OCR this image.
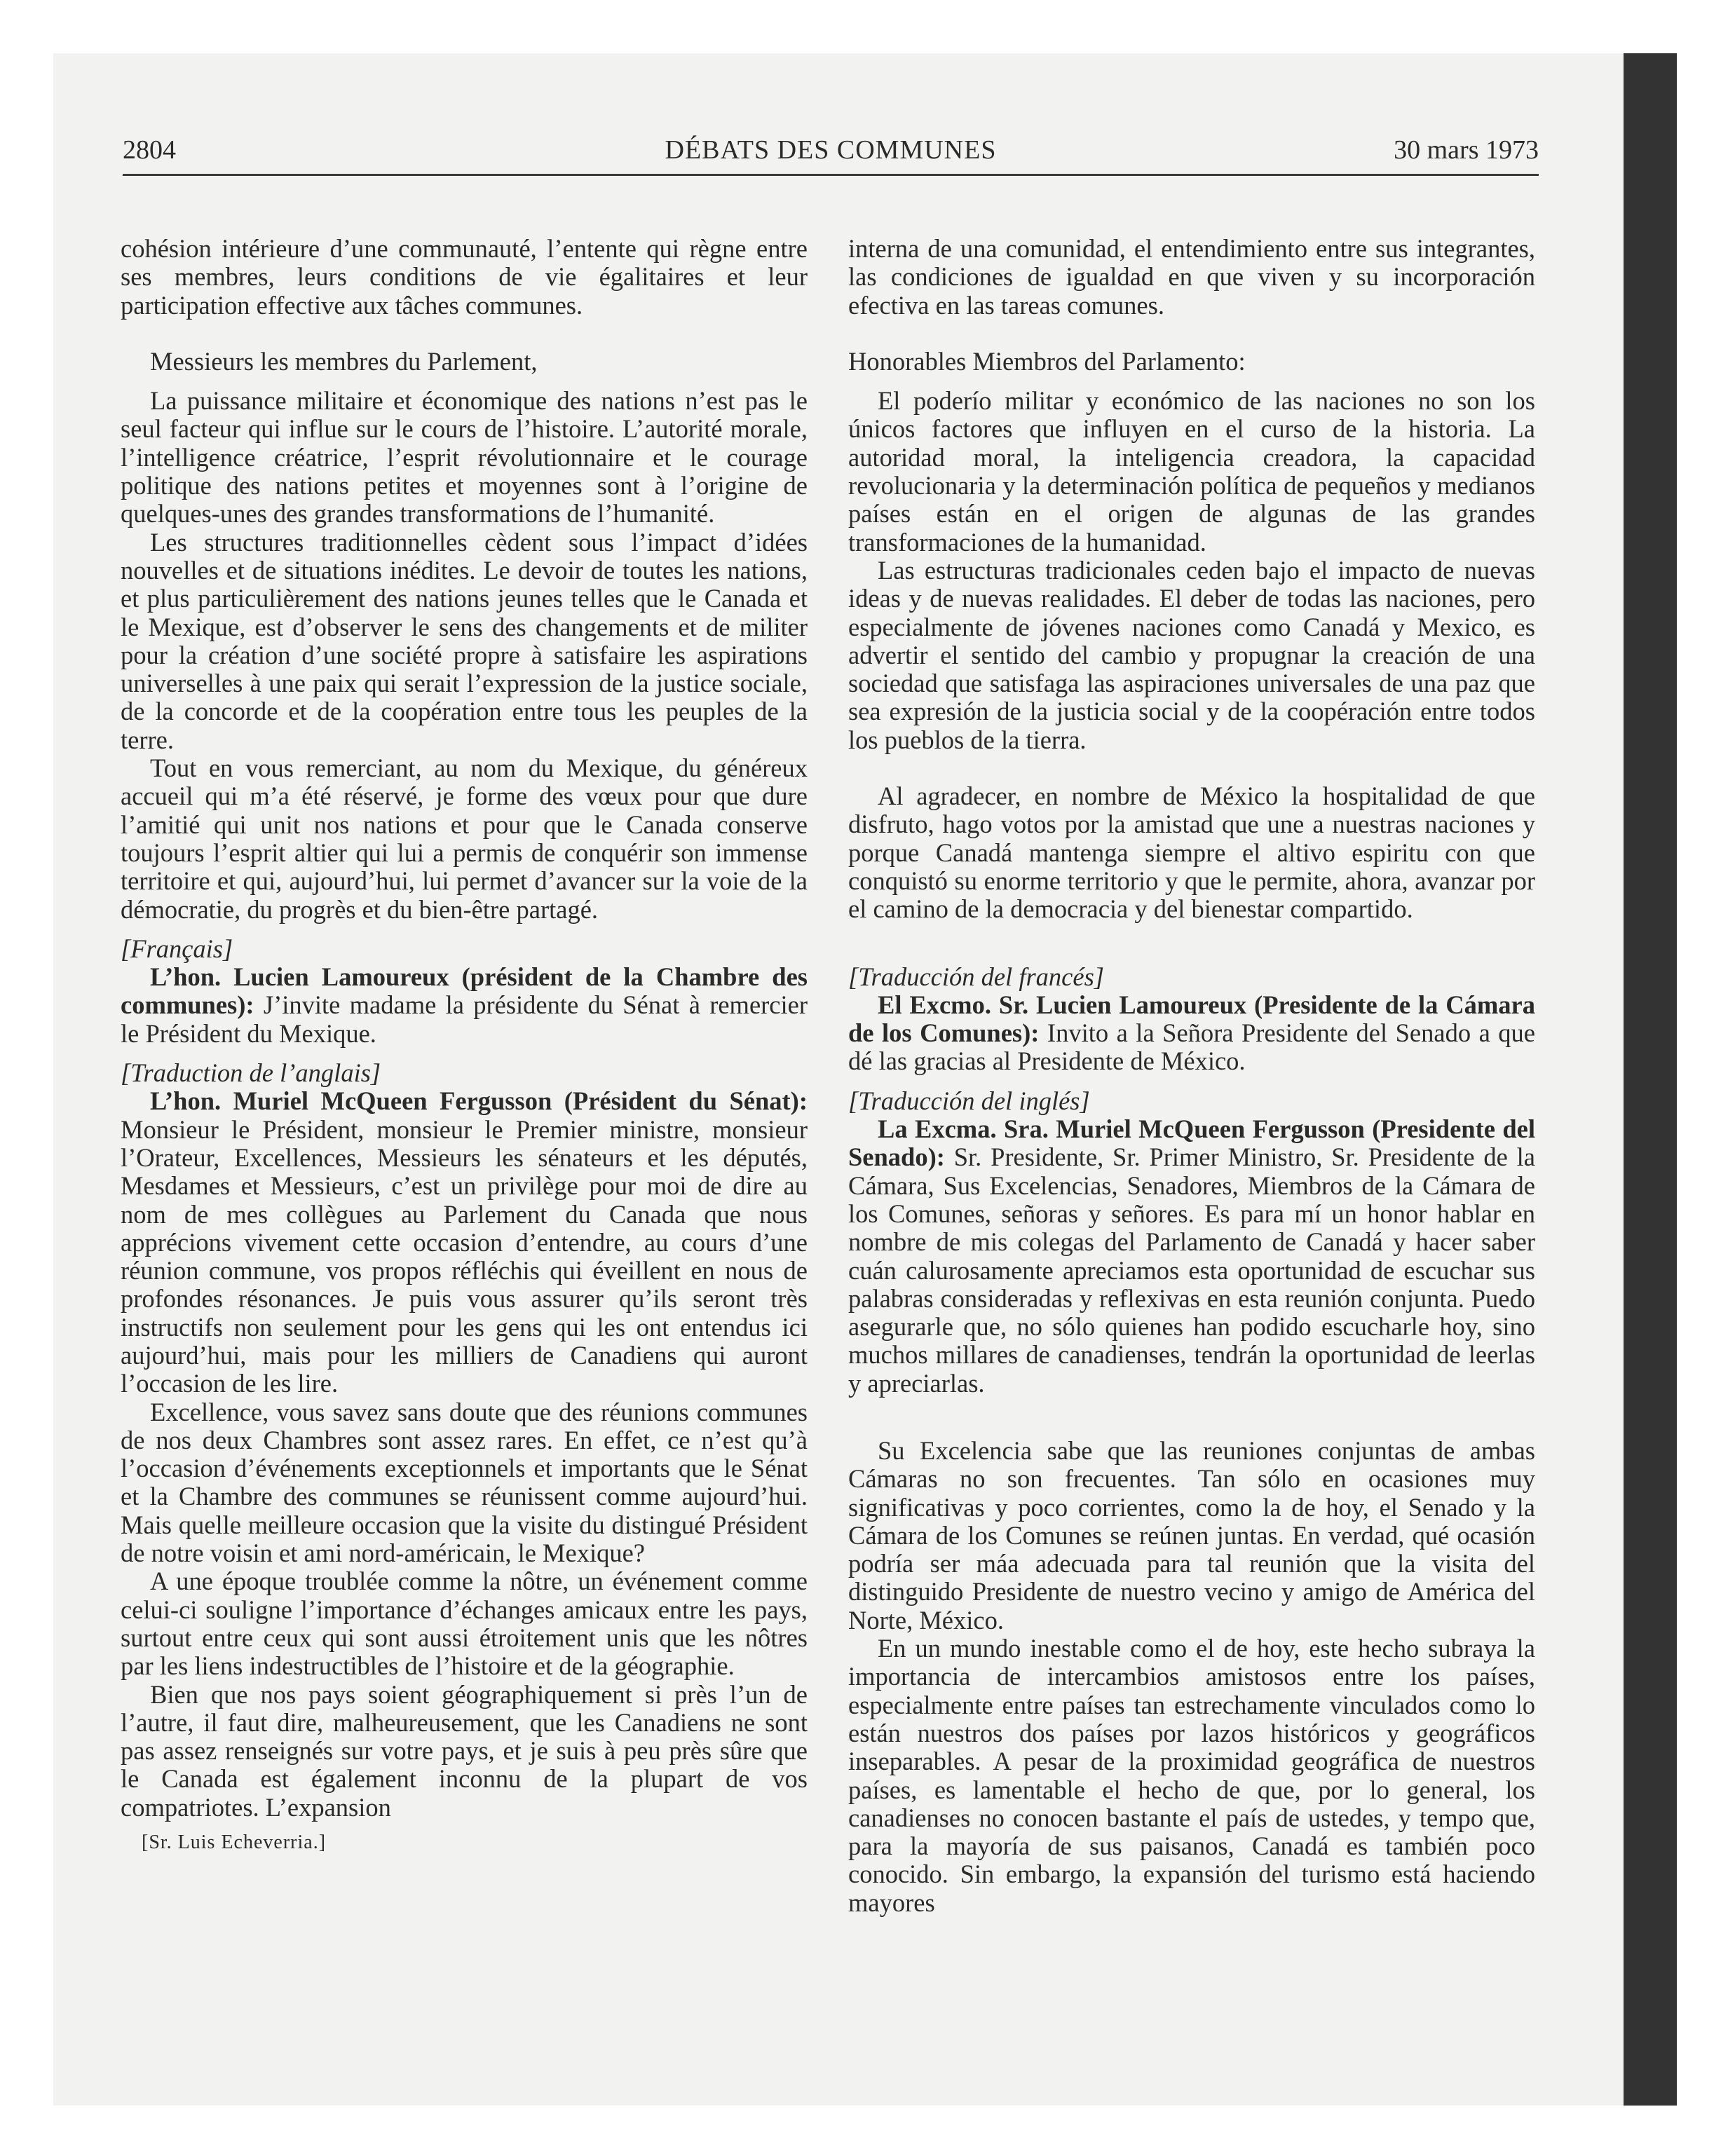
2804	DÉBATS DES COMMUNES	30 mars 1973

cohésion intérieure d’une communauté, l’entente qui règne entre ses membres, leurs conditions de vie égalitaires et leur participation effective aux tâches communes.

Messieurs les membres du Parlement,

La puissance militaire et économique des nations n’est pas le seul facteur qui influe sur le cours de l’histoire. L’autorité morale, l’intelligence créatrice, l’esprit révolutionnaire et le courage politique des nations petites et moyennes sont à l’origine de quelques-unes des grandes transformations de l’humanité.

Les structures traditionnelles cèdent sous l’impact d’idées nouvelles et de situations inédites. Le devoir de toutes les nations, et plus particulièrement des nations jeunes telles que le Canada et le Mexique, est d’observer le sens des changements et de militer pour la création d’une société propre à satisfaire les aspirations universelles à une paix qui serait l’expression de la justice sociale, de la concorde et de la coopération entre tous les peuples de la terre.

Tout en vous remerciant, au nom du Mexique, du généreux accueil qui m’a été réservé, je forme des vœux pour que dure l’amitié qui unit nos nations et pour que le Canada conserve toujours l’esprit altier qui lui a permis de conquérir son immense territoire et qui, aujourd’hui, lui permet d’avancer sur la voie de la démocratie, du progrès et du bien-être partagé.

[Français]

L’hon. Lucien Lamoureux (président de la Chambre des communes): J’invite madame la présidente du Sénat à remercier le Président du Mexique.

[Traduction de l’anglais]

L’hon. Muriel McQueen Fergusson (Président du Sénat): Monsieur le Président, monsieur le Premier ministre, monsieur l’Orateur, Excellences, Messieurs les sénateurs et les députés, Mesdames et Messieurs, c’est un privilège pour moi de dire au nom de mes collègues au Parlement du Canada que nous apprécions vivement cette occasion d’entendre, au cours d’une réunion commune, vos propos réfléchis qui éveillent en nous de profondes résonances. Je puis vous assurer qu’ils seront très instructifs non seulement pour les gens qui les ont entendus ici aujourd’hui, mais pour les milliers de Canadiens qui auront l’occasion de les lire.

Excellence, vous savez sans doute que des réunions communes de nos deux Chambres sont assez rares. En effet, ce n’est qu’à l’occasion d’événements exceptionnels et importants que le Sénat et la Chambre des communes se réunissent comme aujourd’hui. Mais quelle meilleure occasion que la visite du distingué Président de notre voisin et ami nord-américain, le Mexique?

A une époque troublée comme la nôtre, un événement comme celui-ci souligne l’importance d’échanges amicaux entre les pays, surtout entre ceux qui sont aussi étroitement unis que les nôtres par les liens indestructibles de l’histoire et de la géographie.

Bien que nos pays soient géographiquement si près l’un de l’autre, il faut dire, malheureusement, que les Canadiens ne sont pas assez renseignés sur votre pays, et je suis à peu près sûre que le Canada est également inconnu de la plupart de vos compatriotes. L’expansion

[Sr. Luis Echeverria.]

interna de una comunidad, el entendimiento entre sus integrantes, las condiciones de igualdad en que viven y su incorporación efectiva en las tareas comunes.

Honorables Miembros del Parlamento:

El poderío militar y económico de las naciones no son los únicos factores que influyen en el curso de la historia. La autoridad moral, la inteligencia creadora, la capacidad revolucionaria y la determinación política de pequeños y medianos países están en el origen de algunas de las grandes transformaciones de la humanidad.

Las estructuras tradicionales ceden bajo el impacto de nuevas ideas y de nuevas realidades. El deber de todas las naciones, pero especialmente de jóvenes naciones como Canadá y Mexico, es advertir el sentido del cambio y propugnar la creación de una sociedad que satisfaga las aspiraciones universales de una paz que sea expresión de la justicia social y de la coopéración entre todos los pueblos de la tierra.

Al agradecer, en nombre de México la hospitalidad de que disfruto, hago votos por la amistad que une a nuestras naciones y porque Canadá mantenga siempre el altivo espiritu con que conquistó su enorme territorio y que le permite, ahora, avanzar por el camino de la democracia y del bienestar compartido.

[Traducción del francés]

El Excmo. Sr. Lucien Lamoureux (Presidente de la Cámara de los Comunes): Invito a la Señora Presidente del Senado a que dé las gracias al Presidente de México.

[Traducción del inglés]

La Excma. Sra. Muriel McQueen Fergusson (Presidente del Senado): Sr. Presidente, Sr. Primer Ministro, Sr. Presidente de la Cámara, Sus Excelencias, Senadores, Miembros de la Cámara de los Comunes, señoras y señores. Es para mí un honor hablar en nombre de mis colegas del Parlamento de Canadá y hacer saber cuán calurosamente apreciamos esta oportunidad de escuchar sus palabras consideradas y reflexivas en esta reunión conjunta. Puedo asegurarle que, no sólo quienes han podido escucharle hoy, sino muchos millares de canadienses, tendrán la oportunidad de leerlas y apreciarlas.

Su Excelencia sabe que las reuniones conjuntas de ambas Cámaras no son frecuentes. Tan sólo en ocasiones muy significativas y poco corrientes, como la de hoy, el Senado y la Cámara de los Comunes se reúnen juntas. En verdad, qué ocasión podría ser máa adecuada para tal reunión que la visita del distinguido Presidente de nuestro vecino y amigo de América del Norte, México.

En un mundo inestable como el de hoy, este hecho subraya la importancia de intercambios amistosos entre los países, especialmente entre países tan estrechamente vinculados como lo están nuestros dos países por lazos históricos y geográficos inseparables. A pesar de la proximidad geográfica de nuestros países, es lamentable el hecho de que, por lo general, los canadienses no conocen bastante el país de ustedes, y tempo que, para la mayoría de sus paisanos, Canadá es también poco conocido. Sin embargo, la expansión del turismo está haciendo mayores
